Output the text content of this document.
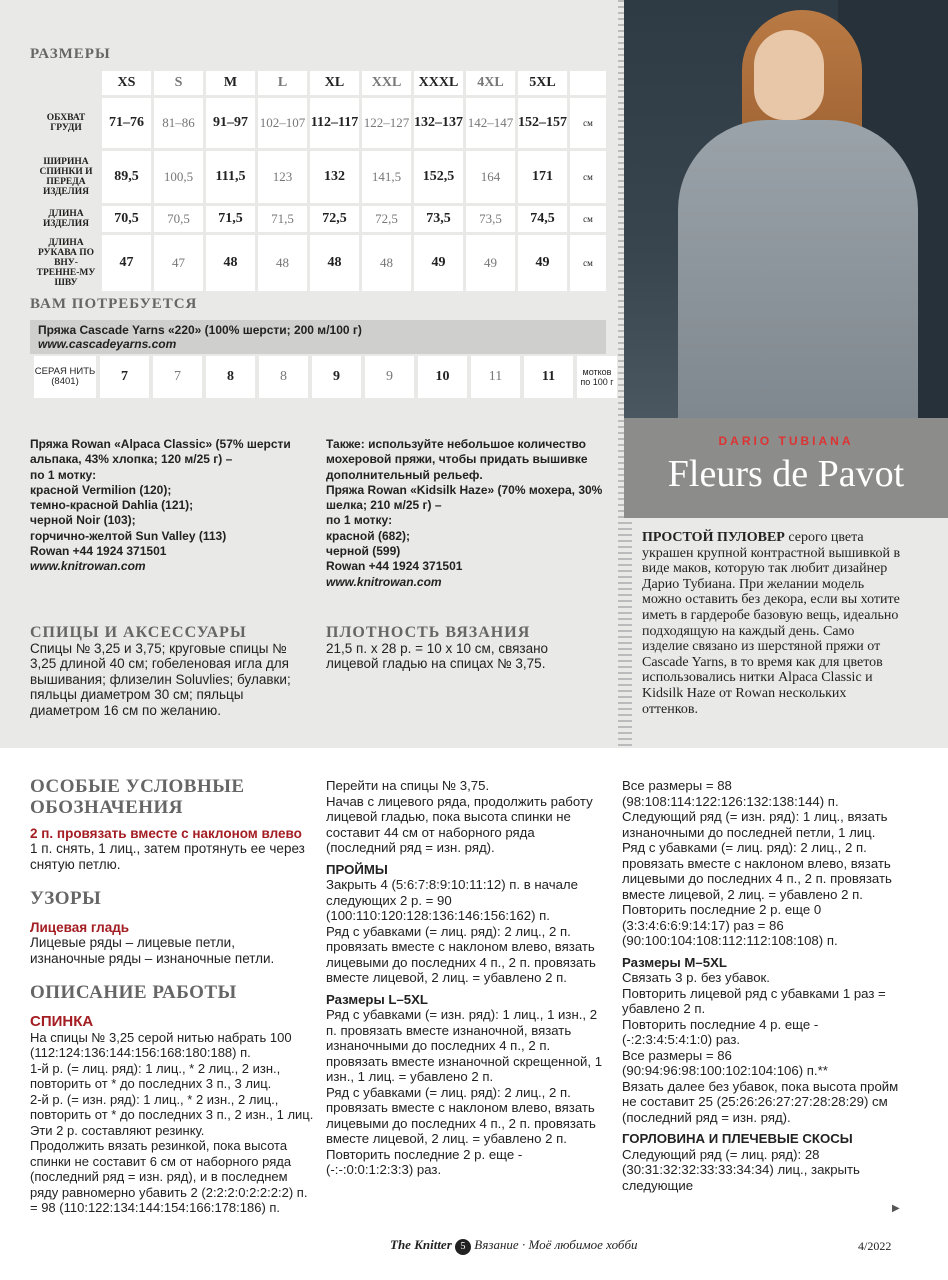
DARIO TUBIANA
Fleurs de Pavot
ПРОСТОЙ ПУЛОВЕР серого цвета украшен крупной контрастной вышивкой в виде маков, которую так любит дизайнер Дарио Тубиана. При желании модель можно оставить без декора, если вы хотите иметь в гардеробе базовую вещь, идеально подходящую на каждый день. Само изделие связано из шерстяной пряжи от Cascade Yarns, в то время как для цветов использовались нитки Alpaca Classic и Kidsilk Haze от Rowan нескольких оттенков.
РАЗМЕРЫ
	XS	S	M	L	XL	XXL	XXXL	4XL	5XL	
ОБХВАТ ГРУДИ	71–76	81–86	91–97	102–107	112–117	122–127	132–137	142–147	152–157	см
ШИРИНА СПИНКИ И ПЕРЕДА ИЗДЕЛИЯ	89,5	100,5	111,5	123	132	141,5	152,5	164	171	см
ДЛИНА ИЗДЕЛИЯ	70,5	70,5	71,5	71,5	72,5	72,5	73,5	73,5	74,5	см
ДЛИНА РУКАВА ПО ВНУ-ТРЕННЕ-МУ ШВУ	47	47	48	48	48	48	49	49	49	см
ВАМ ПОТРЕБУЕТСЯ
Пряжа Cascade Yarns «220» (100% шерсти; 200 м/100 г)
www.cascadeyarns.com
СЕРАЯ НИТЬ (8401)	7	7	8	8	9	9	10	11	11	мотков по 100 г
Пряжа Rowan «Alpaca Classic» (57% шерсти
альпака, 43% хлопка; 120 м/25 г) –
по 1 мотку:
красной Vermilion (120);
темно-красной Dahlia (121);
черной Noir (103);
горчично-желтой Sun Valley (113)
Rowan +44 1924 371501
www.knitrowan.com
Также: используйте небольшое количество
мохеровой пряжи, чтобы придать вышивке
дополнительный рельеф.
Пряжа Rowan «Kidsilk Haze» (70% мохера, 30%
шелка; 210 м/25 г) –
по 1 мотку:
красной (682);
черной (599)
Rowan +44 1924 371501
www.knitrowan.com
СПИЦЫ И АКСЕССУАРЫ
Спицы № 3,25 и 3,75; круговые спицы № 3,25 длиной 40 см; гобеленовая игла для вышивания; флизелин Soluvlies; булавки; пяльцы диаметром 30 см; пяльцы диаметром 16 см по желанию.
ПЛОТНОСТЬ ВЯЗАНИЯ
21,5 п. х 28 р. = 10 х 10 см, связано лицевой гладью на спицах № 3,75.
ОСОБЫЕ УСЛОВНЫЕ ОБОЗНАЧЕНИЯ
2 п. провязать вместе с наклоном влево
1 п. снять, 1 лиц., затем протянуть ее через снятую петлю.
УЗОРЫ
Лицевая гладь
Лицевые ряды – лицевые петли, изнаночные ряды – изнаночные петли.
ОПИСАНИЕ РАБОТЫ
СПИНКА
На спицы № 3,25 серой нитью набрать 100 (112:124:136:144:156:168:180:188) п.
1-й р. (= лиц. ряд): 1 лиц., * 2 лиц., 2 изн., повторить от * до последних 3 п., 3 лиц.
2-й р. (= изн. ряд): 1 лиц., * 2 изн., 2 лиц., повторить от * до последних 3 п., 2 изн., 1 лиц.
Эти 2 р. составляют резинку.
Продолжить вязать резинкой, пока высота спинки не составит 6 см от наборного ряда (последний ряд = изн. ряд), и в последнем ряду равномерно убавить 2 (2:2:2:0:2:2:2:2) п. = 98 (110:122:134:144:154:166:178:186) п.

Перейти на спицы № 3,75.

Начав с лицевого ряда, продолжить работу лицевой гладью, пока высота спинки не составит 44 см от наборного ряда (последний ряд = изн. ряд).

ПРОЙМЫ

Закрыть 4 (5:6:7:8:9:10:11:12) п. в начале следующих 2 р. = 90 (100:110:120:128:136:146:156:162) п.

Ряд с убавками (= лиц. ряд): 2 лиц., 2 п. провязать вместе с наклоном влево, вязать лицевыми до последних 4 п., 2 п. провязать вместе лицевой, 2 лиц. = убавлено 2 п.

Размеры L–5XL

Ряд с убавками (= изн. ряд): 1 лиц., 1 изн., 2 п. провязать вместе изнаночной, вязать изнаночными до последних 4 п., 2 п. провязать вместе изнаночной скрещенной, 1 изн., 1 лиц. = убавлено 2 п.

Ряд с убавками (= лиц. ряд): 2 лиц., 2 п. провязать вместе с наклоном влево, вязать лицевыми до последних 4 п., 2 п. провязать вместе лицевой, 2 лиц. = убавлено 2 п.

Повторить последние 2 р. еще - (-:-:0:0:1:2:3:3) раз.

Все размеры = 88 (98:108:114:122:126:132:138:144) п.

Следующий ряд (= изн. ряд): 1 лиц., вязать изнаночными до последней петли, 1 лиц.

Ряд с убавками (= лиц. ряд): 2 лиц., 2 п. провязать вместе с наклоном влево, вязать лицевыми до последних 4 п., 2 п. провязать вместе лицевой, 2 лиц. = убавлено 2 п.

Повторить последние 2 р. еще 0 (3:3:4:6:6:9:14:17) раз = 86 (90:100:104:108:112:112:108:108) п.

Размеры M–5XL

Связать 3 р. без убавок.

Повторить лицевой ряд с убавками 1 раз = убавлено 2 п.

Повторить последние 4 р. еще - (-:2:3:4:5:4:1:0) раз.

Все размеры = 86 (90:94:96:98:100:102:104:106) п.**

Вязать далее без убавок, пока высота пройм не составит 25 (25:26:26:27:27:28:28:29) см (последний ряд = изн. ряд).

ГОРЛОВИНА И ПЛЕЧЕВЫЕ СКОСЫ

Следующий ряд (= лиц. ряд): 28 (30:31:32:32:33:33:34:34) лиц., закрыть следующие

▶
The Knitter 5 Вязание · Моё любимое хобби	4/2022
